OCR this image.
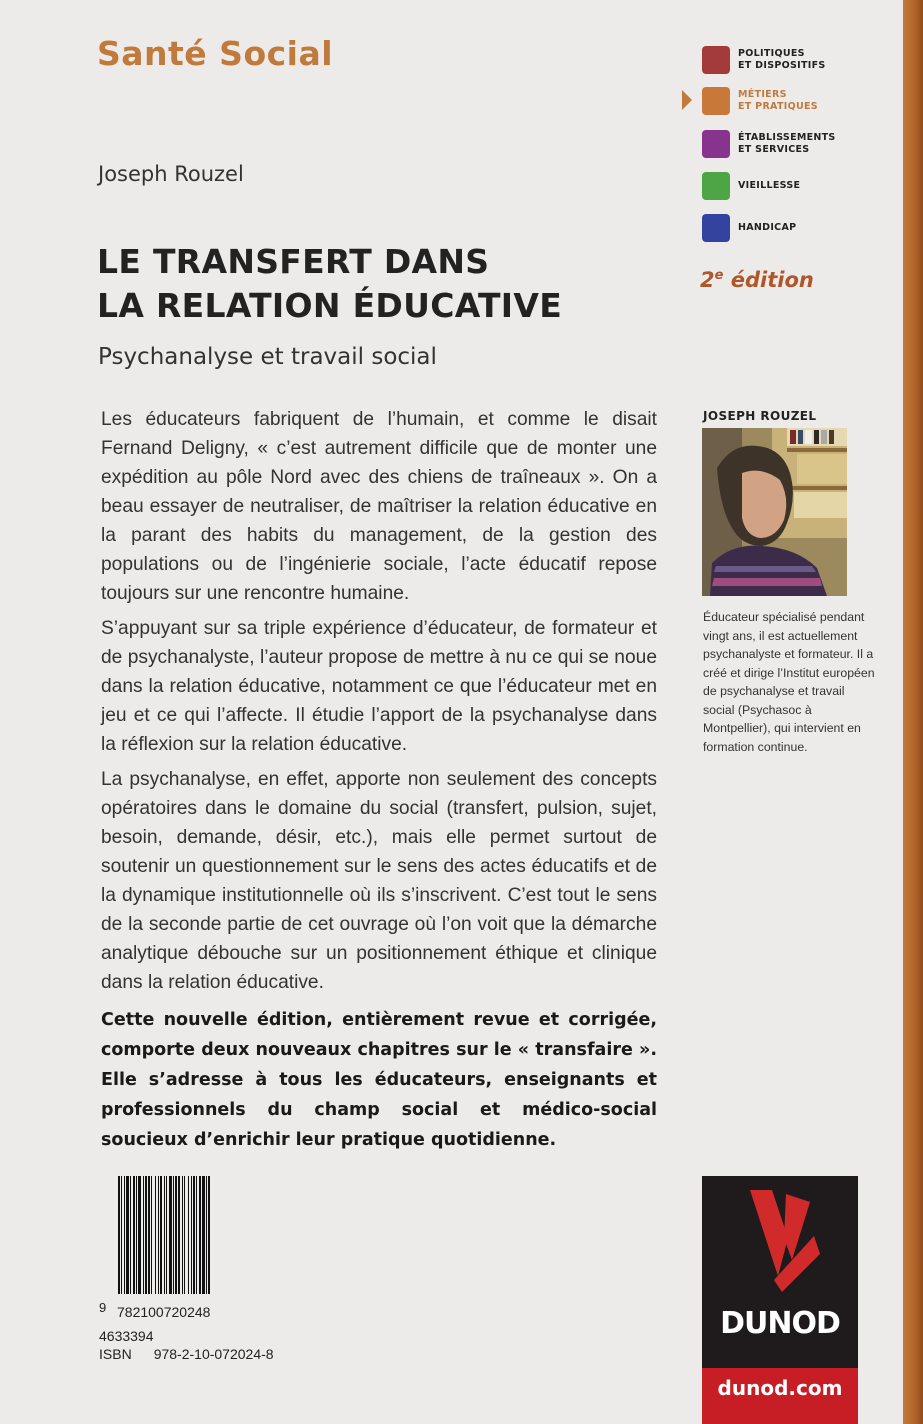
Santé Social
Joseph Rouzel
LE TRANSFERT DANS
LA RELATION ÉDUCATIVE
Psychanalyse et travail social

Les éducateurs fabriquent de l’humain, et comme le disait Fernand Deligny, « c’est autrement difficile que de monter une expédition au pôle Nord avec des chiens de traîneaux ». On a beau essayer de neutraliser, de maîtriser la relation éducative en la parant des habits du management, de la gestion des populations ou de l’ingénierie sociale, l’acte éducatif repose toujours sur une rencontre humaine.

S’appuyant sur sa triple expérience d’éducateur, de formateur et de psychanalyste, l’auteur propose de mettre à nu ce qui se noue dans la relation éducative, notamment ce que l’éducateur met en jeu et ce qui l’affecte. Il étudie l’apport de la psychanalyse dans la réflexion sur la relation éducative.

La psychanalyse, en effet, apporte non seulement des concepts opératoires dans le domaine du social (transfert, pulsion, sujet, besoin, demande, désir, etc.), mais elle permet surtout de soutenir un questionnement sur le sens des actes éducatifs et de la dynamique institutionnelle où ils s’inscrivent. C’est tout le sens de la seconde partie de cet ouvrage où l’on voit que la démarche analytique débouche sur un positionnement éthique et clinique dans la relation éducative.

Cette nouvelle édition, entièrement revue et corrigée, comporte deux nouveaux chapitres sur le « transfaire ». Elle s’adresse à tous les éducateurs, enseignants et professionnels du champ social et médico-social soucieux d’enrichir leur pratique quotidienne.

POLITIQUES
ET DISPOSITIFS
MÉTIERS
ET PRATIQUES
ÉTABLISSEMENTS
ET SERVICES
VIEILLESSE
HANDICAP
2e édition
JOSEPH ROUZEL
Éducateur spécialisé pendant vingt ans, il est actuellement psychanalyste et formateur. Il a créé et dirige l’Institut européen de psychanalyse et travail social (Psychasoc à Montpellier), qui intervient en formation continue.
9 782100720248
4633394
ISBN 978-2-10-072024-8
DUNOD
dunod.com
